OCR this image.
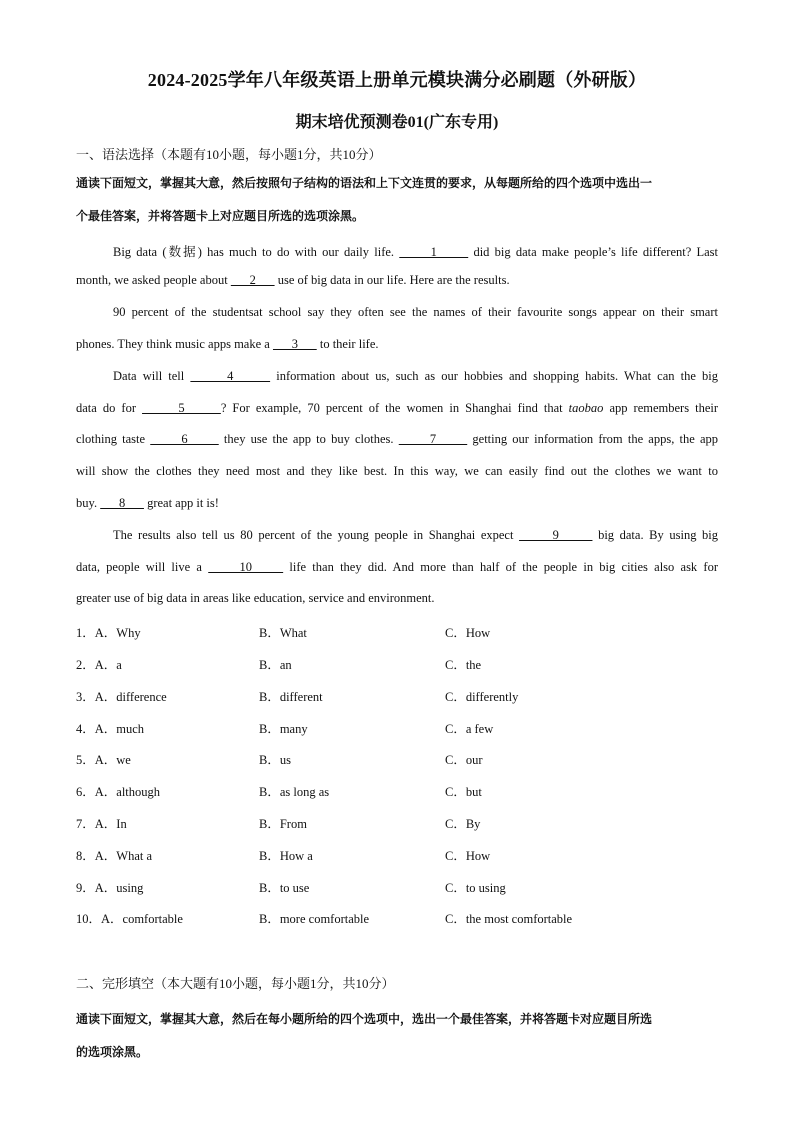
2024-2025学年八年级英语上册单元模块满分必刷题（外研版）
期末培优预测卷01(广东专用)
一、语法选择（本题有10小题，每小题1分，共10分）
通读下面短文，掌握其大意，然后按照句子结构的语法和上下文连贯的要求，从每题所给的四个选项中选出一
个最佳答案，并将答题卡上对应题目所选的选项涂黑。
Big data (数据) has much to do with our daily life.       1       did big data make people’s life different? Last
month, we asked people about       2       use of big data in our life. Here are the results.
90 percent of the studentsat school say they often see the names of their favourite songs appear on their smart
phones. They think music apps make a       3       to their life.
Data will tell       4       information about us, such as our hobbies and shopping habits. What can the big
data do for       5      ? For example, 70 percent of the women in Shanghai find that taobao app remembers their
clothing taste       6       they use the app to buy clothes.       7       getting our information from the apps, the app
will show the clothes they need most and they like best. In this way, we can easily find out the clothes we want to
buy.       8       great app it is!
The results also tell us 80 percent of the young people in Shanghai expect       9       big data. By using big
data, people will live a      10      life than they did. And more than half of the people in big cities also ask for
greater use of big data in areas like education, service and environment.
1．A．Why	B．What	C．How
2．A．a	B．an	C．the
3．A．difference	B．different	C．differently
4．A．much	B．many	C．a few
5．A．we	B．us	C．our
6．A．although	B．as long as	C．but
7．A．In	B．From	C．By
8．A．What a	B．How a	C．How
9．A．using	B．to use	C．to using
10．A．comfortable	B．more comfortable	C．the most comfortable
二、完形填空（本大题有10小题，每小题1分，共10分）
通读下面短文，掌握其大意，然后在每小题所给的四个选项中，选出一个最佳答案，并将答题卡对应题目所选
的选项涂黑。
